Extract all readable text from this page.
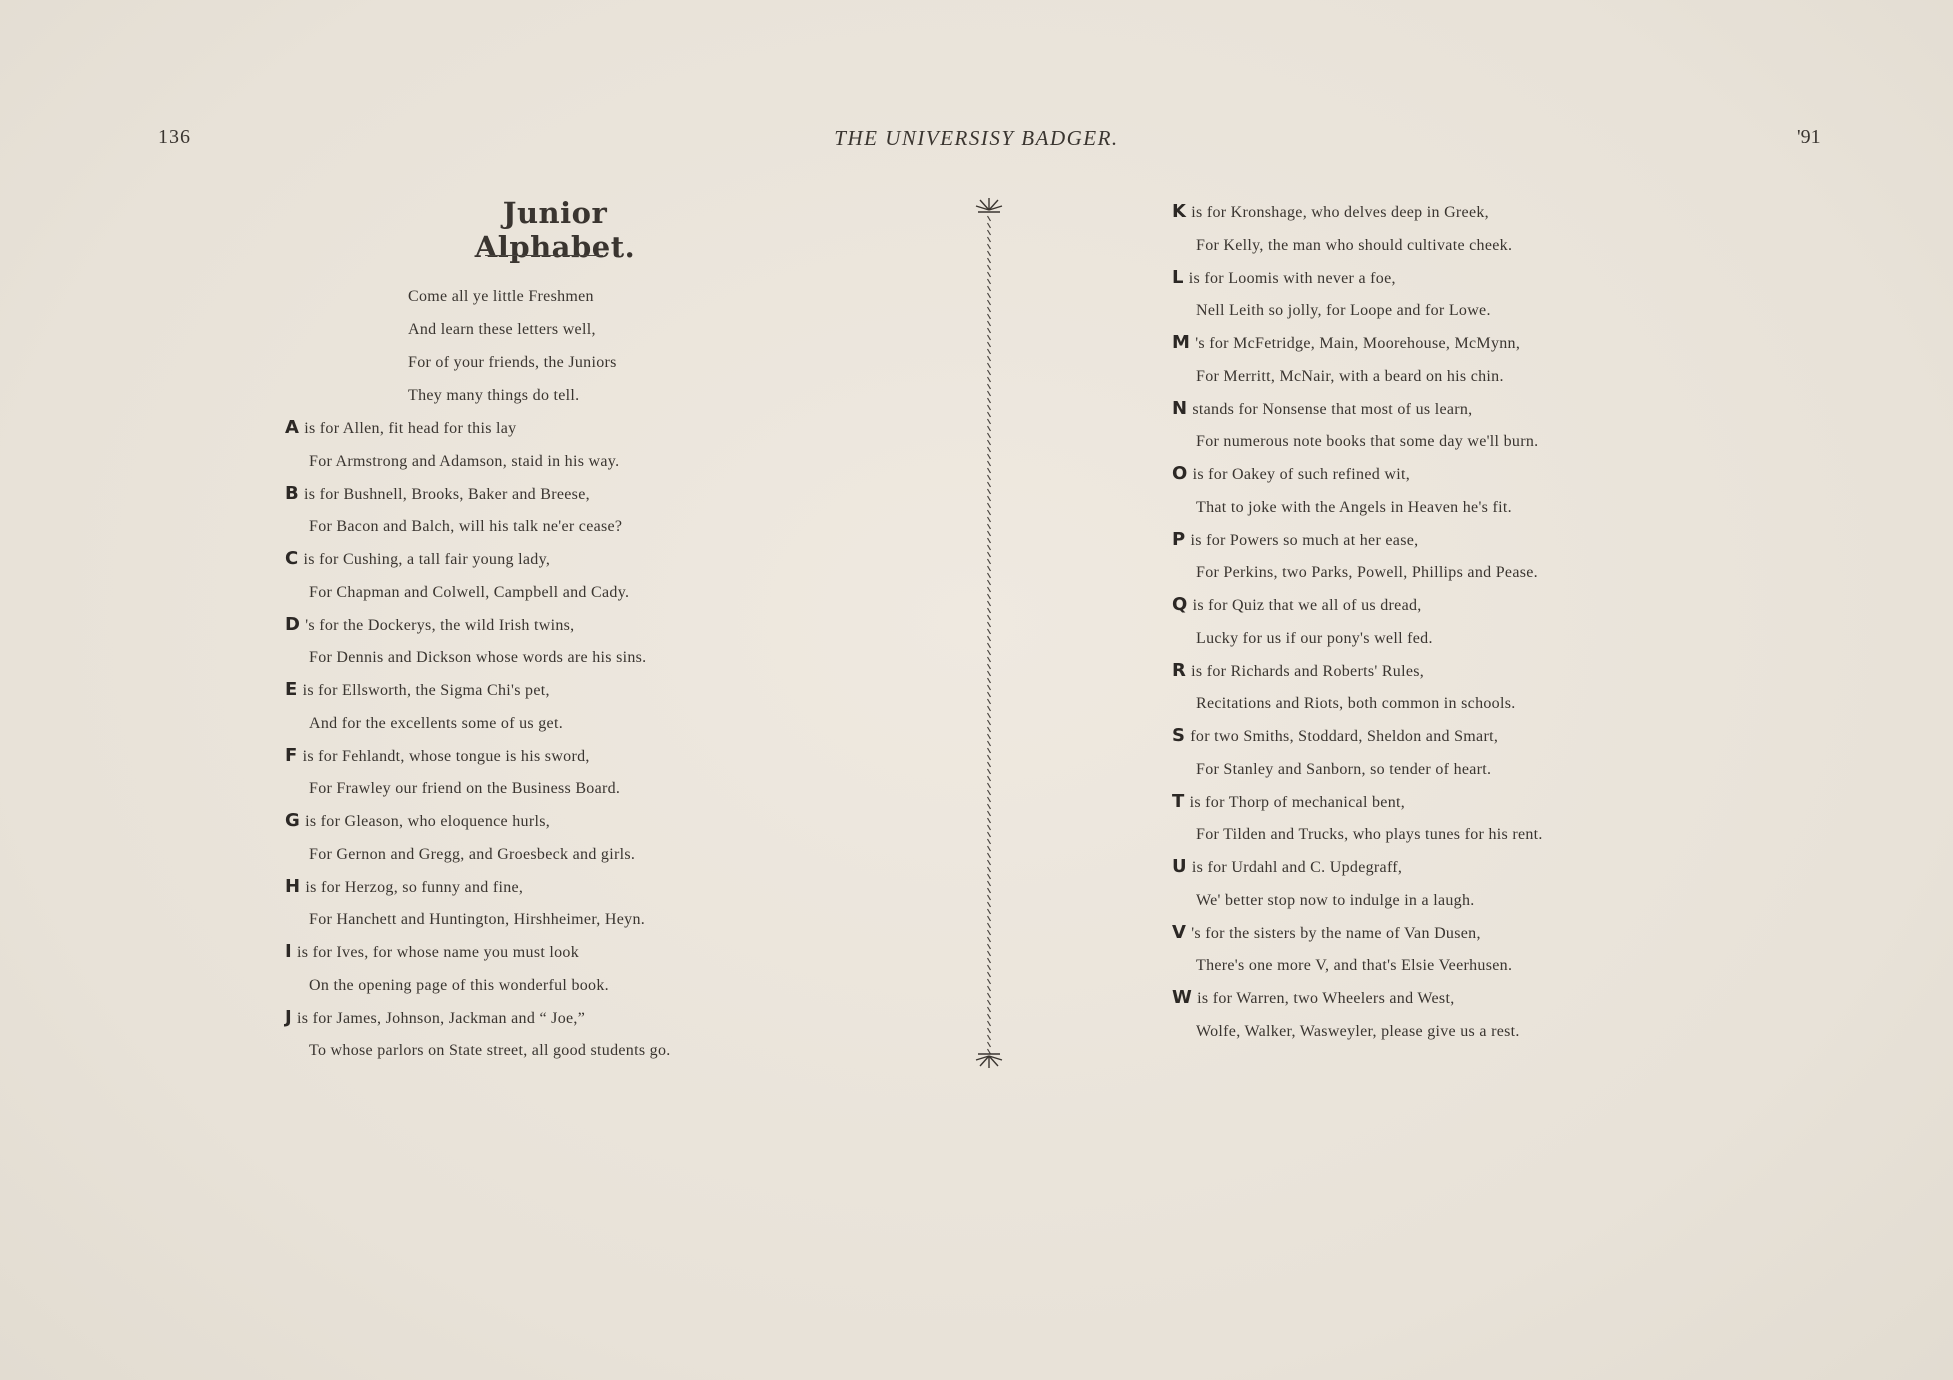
136	THE UNIVERSISY BADGER.	'91
Junior Alphabet.
Come all ye little Freshmen
And learn these letters well,
For of your friends, the Juniors
They many things do tell.
A is for Allen, fit head for this lay
For Armstrong and Adamson, staid in his way.
B is for Bushnell, Brooks, Baker and Breese,
For Bacon and Balch, will his talk ne'er cease?
C is for Cushing, a tall fair young lady,
For Chapman and Colwell, Campbell and Cady.
D 's for the Dockerys, the wild Irish twins,
For Dennis and Dickson whose words are his sins.
E is for Ellsworth, the Sigma Chi's pet,
And for the excellents some of us get.
F is for Fehlandt, whose tongue is his sword,
For Frawley our friend on the Business Board.
G is for Gleason, who eloquence hurls,
For Gernon and Gregg, and Groesbeck and girls.
H is for Herzog, so funny and fine,
For Hanchett and Huntington, Hirshheimer, Heyn.
I is for Ives, for whose name you must look
On the opening page of this wonderful book.
J is for James, Johnson, Jackman and “ Joe,”
To whose parlors on State street, all good students go.
K is for Kronshage, who delves deep in Greek,
For Kelly, the man who should cultivate cheek.
L is for Loomis with never a foe,
Nell Leith so jolly, for Loope and for Lowe.
M 's for McFetridge, Main, Moorehouse, McMynn,
For Merritt, McNair, with a beard on his chin.
N stands for Nonsense that most of us learn,
For numerous note books that some day we'll burn.
O is for Oakey of such refined wit,
That to joke with the Angels in Heaven he's fit.
P is for Powers so much at her ease,
For Perkins, two Parks, Powell, Phillips and Pease.
Q is for Quiz that we all of us dread,
Lucky for us if our pony's well fed.
R is for Richards and Roberts' Rules,
Recitations and Riots, both common in schools.
S for two Smiths, Stoddard, Sheldon and Smart,
For Stanley and Sanborn, so tender of heart.
T is for Thorp of mechanical bent,
For Tilden and Trucks, who plays tunes for his rent.
U is for Urdahl and C. Updegraff,
We' better stop now to indulge in a laugh.
V 's for the sisters by the name of Van Dusen,
There's one more V, and that's Elsie Veerhusen.
W is for Warren, two Wheelers and West,
Wolfe, Walker, Wasweyler, please give us a rest.
